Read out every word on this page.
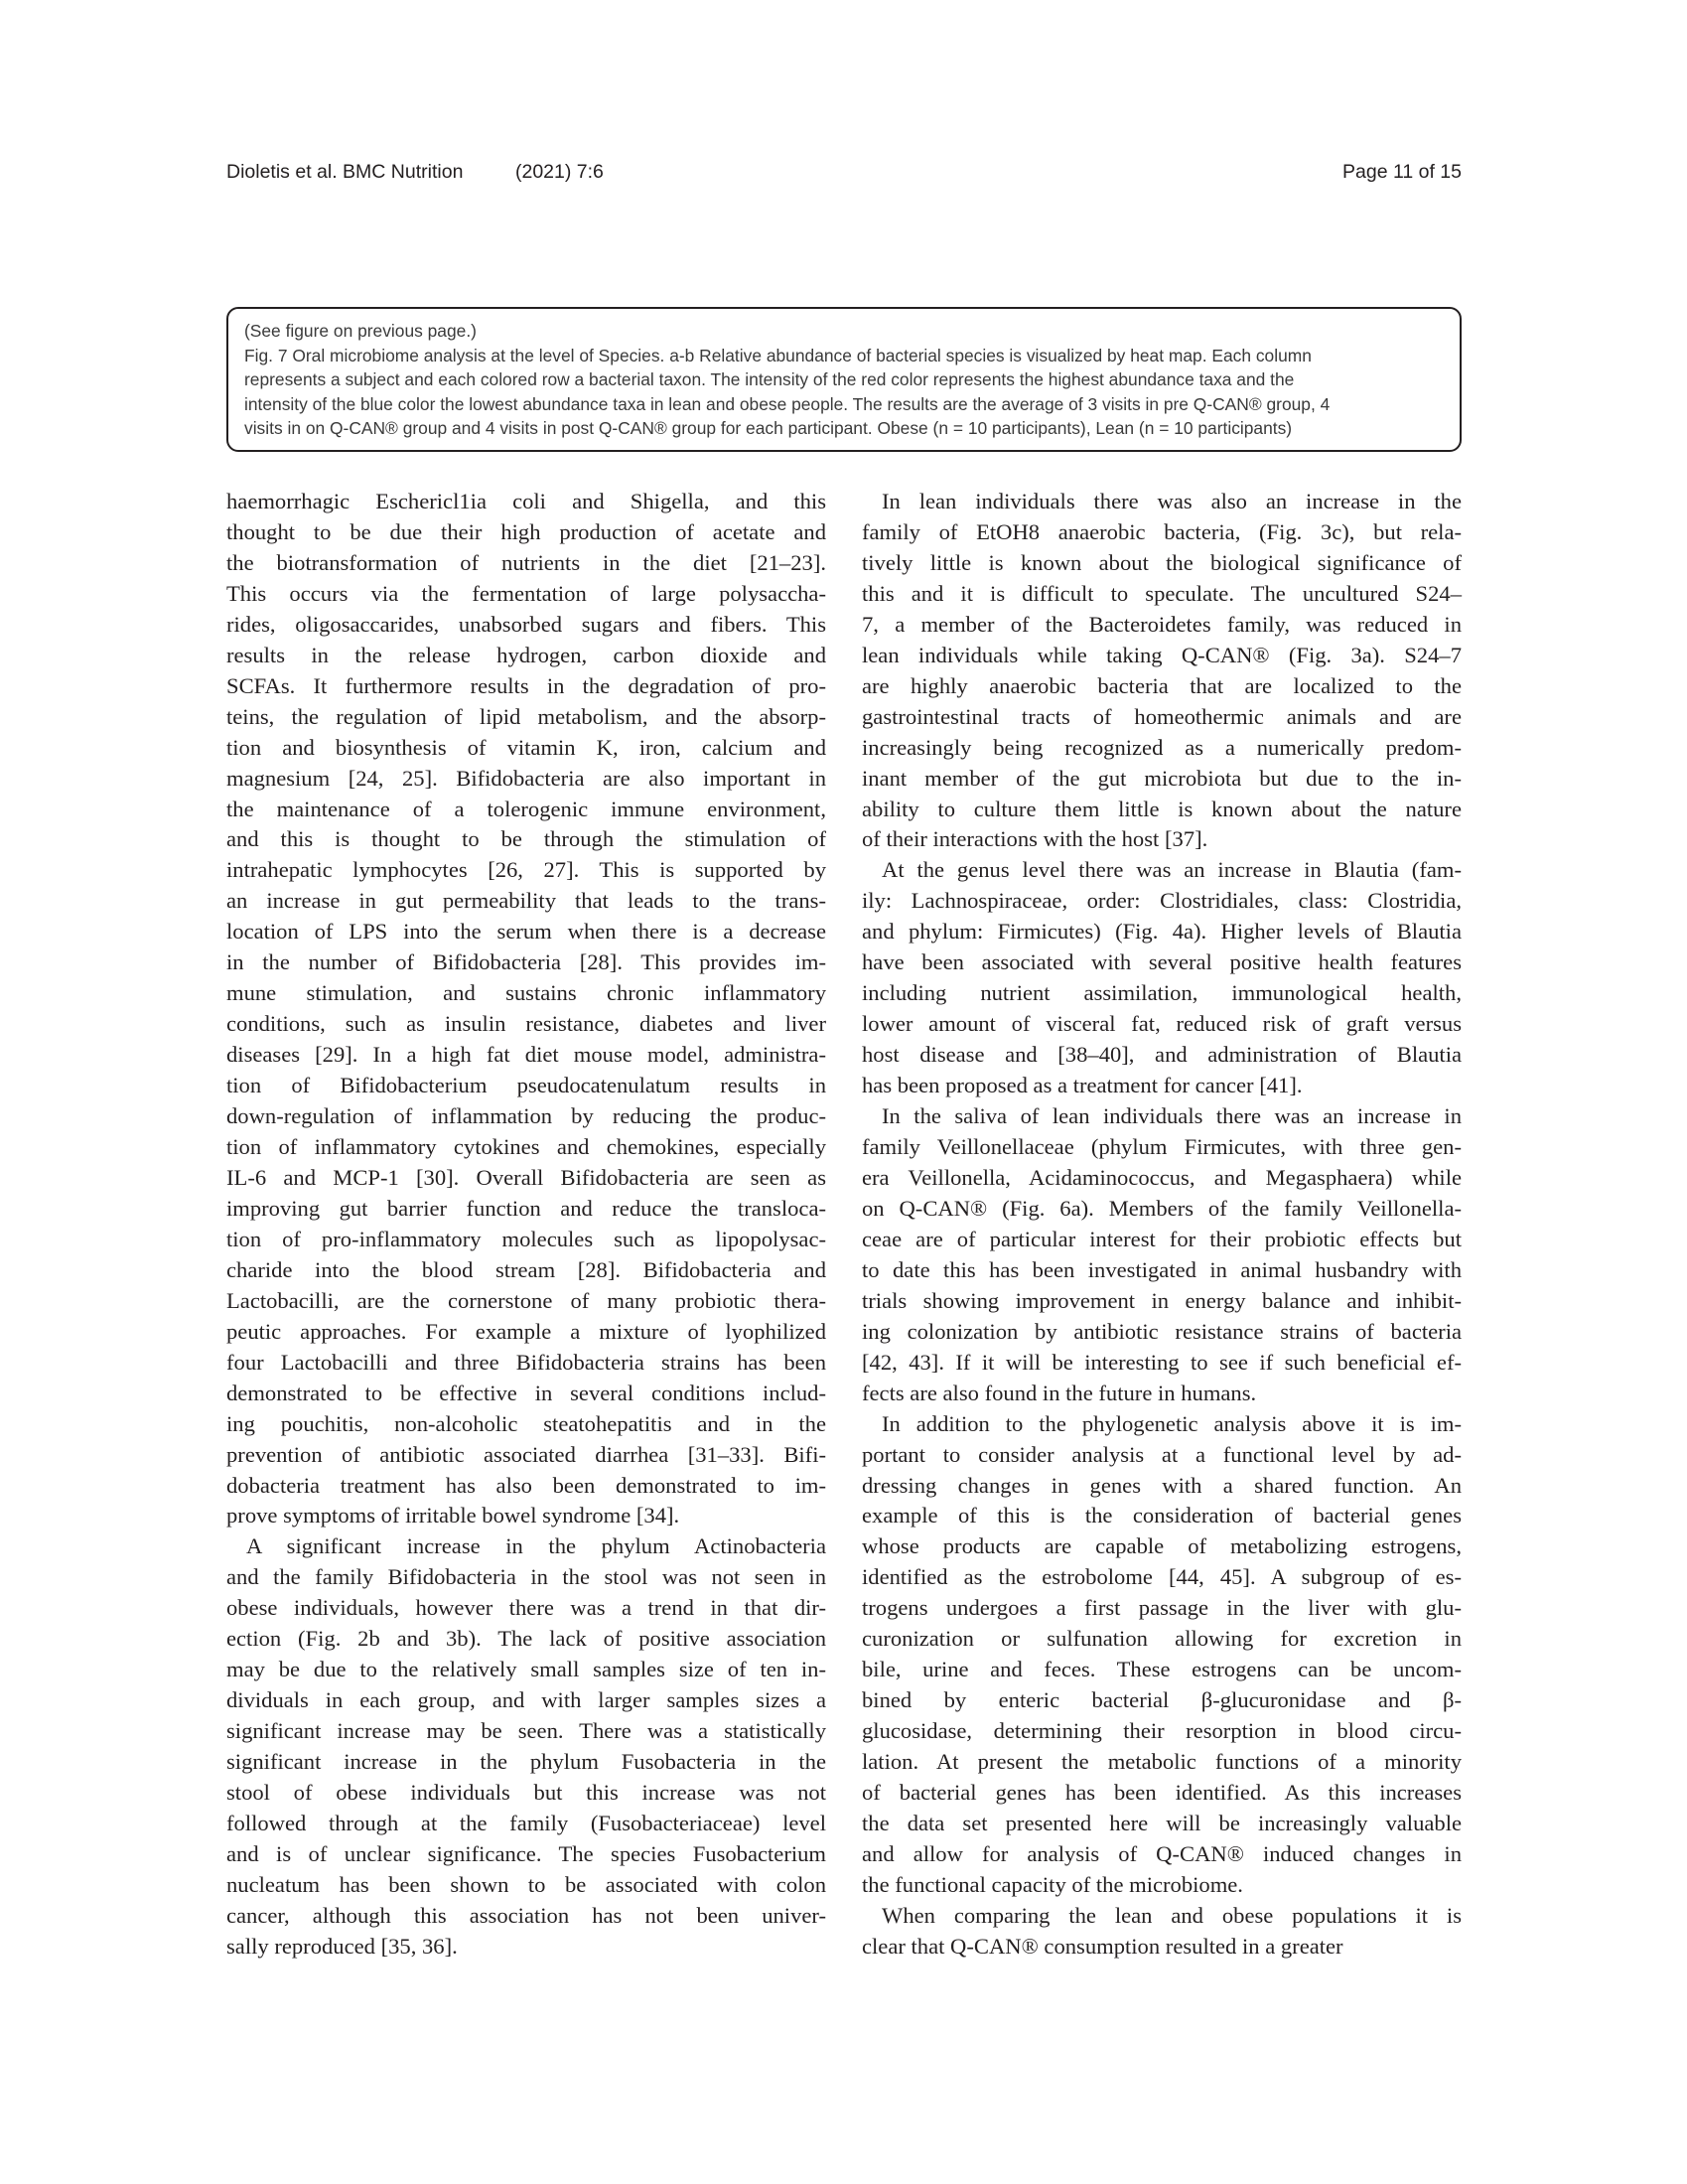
Dioletis et al. BMC Nutrition	(2021) 7:6	Page 11 of 15
(See figure on previous page.)
Fig. 7 Oral microbiome analysis at the level of Species. a-b Relative abundance of bacterial species is visualized by heat map. Each column
represents a subject and each colored row a bacterial taxon. The intensity of the red color represents the highest abundance taxa and the
intensity of the blue color the lowest abundance taxa in lean and obese people. The results are the average of 3 visits in pre Q-CAN® group, 4
visits in on Q-CAN® group and 4 visits in post Q-CAN® group for each participant. Obese (n = 10 participants), Lean (n = 10 participants)
haemorrhagic Eschericl1ia coli and Shigella, and this
thought to be due their high production of acetate and
the biotransformation of nutrients in the diet [21–23].
This occurs via the fermentation of large polysaccha-
rides, oligosaccarides, unabsorbed sugars and fibers. This
results in the release hydrogen, carbon dioxide and
SCFAs. It furthermore results in the degradation of pro-
teins, the regulation of lipid metabolism, and the absorp-
tion and biosynthesis of vitamin K, iron, calcium and
magnesium [24, 25]. Bifidobacteria are also important in
the maintenance of a tolerogenic immune environment,
and this is thought to be through the stimulation of
intrahepatic lymphocytes [26, 27]. This is supported by
an increase in gut permeability that leads to the trans-
location of LPS into the serum when there is a decrease
in the number of Bifidobacteria [28]. This provides im-
mune stimulation, and sustains chronic inflammatory
conditions, such as insulin resistance, diabetes and liver
diseases [29]. In a high fat diet mouse model, administra-
tion of Bifidobacterium pseudocatenulatum results in
down-regulation of inflammation by reducing the produc-
tion of inflammatory cytokines and chemokines, especially
IL-6 and MCP-1 [30]. Overall Bifidobacteria are seen as
improving gut barrier function and reduce the transloca-
tion of pro-inflammatory molecules such as lipopolysac-
charide into the blood stream [28]. Bifidobacteria and
Lactobacilli, are the cornerstone of many probiotic thera-
peutic approaches. For example a mixture of lyophilized
four Lactobacilli and three Bifidobacteria strains has been
demonstrated to be effective in several conditions includ-
ing pouchitis, non-alcoholic steatohepatitis and in the
prevention of antibiotic associated diarrhea [31–33]. Bifi-
dobacteria treatment has also been demonstrated to im-
prove symptoms of irritable bowel syndrome [34].
A significant increase in the phylum Actinobacteria
and the family Bifidobacteria in the stool was not seen in
obese individuals, however there was a trend in that dir-
ection (Fig. 2b and 3b). The lack of positive association
may be due to the relatively small samples size of ten in-
dividuals in each group, and with larger samples sizes a
significant increase may be seen. There was a statistically
significant increase in the phylum Fusobacteria in the
stool of obese individuals but this increase was not
followed through at the family (Fusobacteriaceae) level
and is of unclear significance. The species Fusobacterium
nucleatum has been shown to be associated with colon
cancer, although this association has not been univer-
sally reproduced [35, 36].
In lean individuals there was also an increase in the
family of EtOH8 anaerobic bacteria, (Fig. 3c), but rela-
tively little is known about the biological significance of
this and it is difficult to speculate. The uncultured S24–
7, a member of the Bacteroidetes family, was reduced in
lean individuals while taking Q-CAN® (Fig. 3a). S24–7
are highly anaerobic bacteria that are localized to the
gastrointestinal tracts of homeothermic animals and are
increasingly being recognized as a numerically predom-
inant member of the gut microbiota but due to the in-
ability to culture them little is known about the nature
of their interactions with the host [37].
At the genus level there was an increase in Blautia (fam-
ily: Lachnospiraceae, order: Clostridiales, class: Clostridia,
and phylum: Firmicutes) (Fig. 4a). Higher levels of Blautia
have been associated with several positive health features
including nutrient assimilation, immunological health,
lower amount of visceral fat, reduced risk of graft versus
host disease and [38–40], and administration of Blautia
has been proposed as a treatment for cancer [41].
In the saliva of lean individuals there was an increase in
family Veillonellaceae (phylum Firmicutes, with three gen-
era Veillonella, Acidaminococcus, and Megasphaera) while
on Q-CAN® (Fig. 6a). Members of the family Veillonella-
ceae are of particular interest for their probiotic effects but
to date this has been investigated in animal husbandry with
trials showing improvement in energy balance and inhibit-
ing colonization by antibiotic resistance strains of bacteria
[42, 43]. If it will be interesting to see if such beneficial ef-
fects are also found in the future in humans.
In addition to the phylogenetic analysis above it is im-
portant to consider analysis at a functional level by ad-
dressing changes in genes with a shared function. An
example of this is the consideration of bacterial genes
whose products are capable of metabolizing estrogens,
identified as the estrobolome [44, 45]. A subgroup of es-
trogens undergoes a first passage in the liver with glu-
curonization or sulfunation allowing for excretion in
bile, urine and feces. These estrogens can be uncom-
bined by enteric bacterial β-glucuronidase and β-
glucosidase, determining their resorption in blood circu-
lation. At present the metabolic functions of a minority
of bacterial genes has been identified. As this increases
the data set presented here will be increasingly valuable
and allow for analysis of Q-CAN® induced changes in
the functional capacity of the microbiome.
When comparing the lean and obese populations it is
clear that Q-CAN® consumption resulted in a greater
